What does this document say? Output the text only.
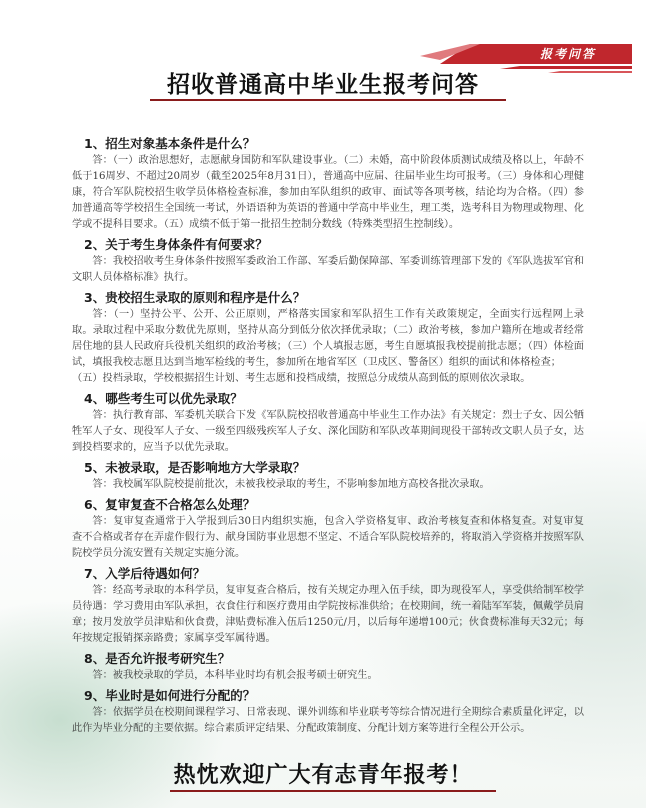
报考问答
招收普通高中毕业生报考问答
1、招生对象基本条件是什么？

答：（一）政治思想好，志愿献身国防和军队建设事业。（二）未婚，高中阶段体质测试成绩及格以上，年龄不低于16周岁、不超过20周岁（截至2025年8月31日），普通高中应届、往届毕业生均可报考。（三）身体和心理健康，符合军队院校招生收学员体格检查标准，参加由军队组织的政审、面试等各项考核，结论均为合格。（四）参加普通高等学校招生全国统一考试，外语语种为英语的普通中学高中毕业生，理工类，选考科目为物理或物理、化学或不提科目要求。（五）成绩不低于第一批招生控制分数线（特殊类型招生控制线）。

2、关于考生身体条件有何要求？

答：我校招收考生身体条件按照军委政治工作部、军委后勤保障部、军委训练管理部下发的《军队选拔军官和文职人员体格标准》执行。

3、贵校招生录取的原则和程序是什么？

答：（一）坚持公平、公开、公正原则，严格落实国家和军队招生工作有关政策规定，全面实行远程网上录取。录取过程中采取分数优先原则，坚持从高分到低分依次择优录取；（二）政治考核，参加户籍所在地或者经常居住地的县人民政府兵役机关组织的政治考核；（三）个人填报志愿，考生自愿填报我校提前批志愿；（四）体检面试，填报我校志愿且达到当地军检线的考生，参加所在地省军区（卫戍区、警备区）组织的面试和体格检查；

（五）投档录取，学校根据招生计划、考生志愿和投档成绩，按照总分成绩从高到低的原则依次录取。

4、哪些考生可以优先录取？

答：执行教育部、军委机关联合下发《军队院校招收普通高中毕业生工作办法》有关规定：烈士子女、因公牺牲军人子女、现役军人子女、一级至四级残疾军人子女、深化国防和军队改革期间现役干部转改文职人员子女，达到投档要求的，应当予以优先录取。

5、未被录取，是否影响地方大学录取？

答：我校属军队院校提前批次，未被我校录取的考生，不影响参加地方高校各批次录取。

6、复审复查不合格怎么处理？

答：复审复查通常于入学报到后30日内组织实施，包含入学资格复审、政治考核复查和体格复查。对复审复查不合格或者存在弄虚作假行为、献身国防事业思想不坚定、不适合军队院校培养的，将取消入学资格并按照军队院校学员分流安置有关规定实施分流。

7、入学后待遇如何？

答：经高考录取的本科学员，复审复查合格后，按有关规定办理入伍手续，即为现役军人，享受供给制军校学员待遇：学习费用由军队承担，衣食住行和医疗费用由学院按标准供给；在校期间，统一着陆军军装，佩戴学员肩章；按月发放学员津贴和伙食费，津贴费标准入伍后1250元/月，以后每年递增100元；伙食费标准每天32元；每年按规定报销探亲路费；家属享受军属待遇。

8、是否允许报考研究生？

答：被我校录取的学员，本科毕业时均有机会报考硕士研究生。

9、毕业时是如何进行分配的？

答：依据学员在校期间课程学习、日常表现、课外训练和毕业联考等综合情况进行全期综合素质量化评定，以此作为毕业分配的主要依据。综合素质评定结果、分配政策制度、分配计划方案等进行全程公开公示。

热忱欢迎广大有志青年报考！
